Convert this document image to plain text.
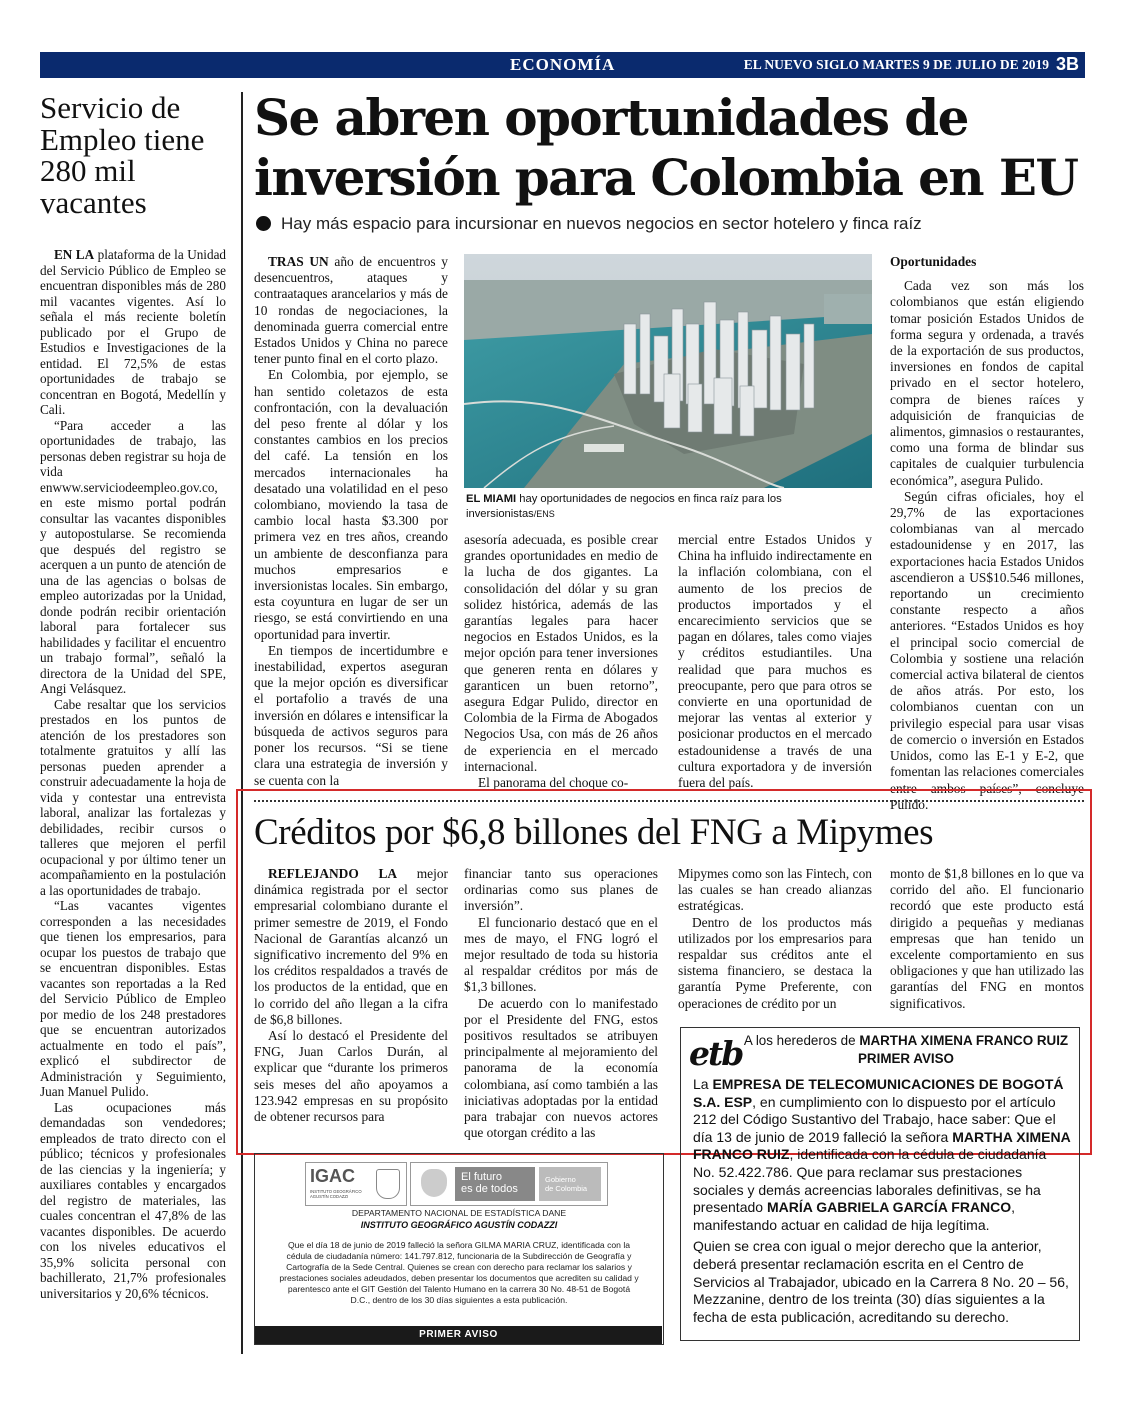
ECONOMÍA	EL NUEVO SIGLO MARTES 9 DE JULIO DE 2019 3B
Servicio de Empleo tiene 280 mil vacantes

EN LA plataforma de la Unidad del Servicio Público de Empleo se encuentran disponibles más de 280 mil vacantes vigentes. Así lo señala el más reciente boletín publicado por el Grupo de Estudios e Investigaciones de la entidad. El 72,5% de estas oportunidades de trabajo se concentran en Bogotá, Medellín y Cali.

“Para acceder a las oportunidades de trabajo, las personas deben registrar su hoja de vida enwww.serviciodeempleo.gov.co, en este mismo portal podrán consultar las vacantes disponibles y autopostularse. Se recomienda que después del registro se acerquen a un punto de atención de una de las agencias o bolsas de empleo autorizadas por la Unidad, donde podrán recibir orientación laboral para fortalecer sus habilidades y facilitar el encuentro un trabajo formal”, señaló la directora de la Unidad del SPE, Angi Velásquez.

Cabe resaltar que los servicios prestados en los puntos de atención de los prestadores son totalmente gratuitos y allí las personas pueden aprender a construir adecuadamente la hoja de vida y contestar una entrevista laboral, analizar las fortalezas y debilidades, recibir cursos o talleres que mejoren el perfil ocupacional y por último tener un acompañamiento en la postulación a las oportunidades de trabajo.

“Las vacantes vigentes corresponden a las necesidades que tienen los empresarios, para ocupar los puestos de trabajo que se encuentran disponibles. Estas vacantes son reportadas a la Red del Servicio Público de Empleo por medio de los 248 prestadores que se encuentran autorizados actualmente en todo el país”, explicó el subdirector de Administración y Seguimiento, Juan Manuel Pulido.

Las ocupaciones más demandadas son vendedores; empleados de trato directo con el público; técnicos y profesionales de las ciencias y la ingeniería; y auxiliares contables y encargados del registro de materiales, las cuales concentran el 47,8% de las vacantes disponibles. De acuerdo con los niveles educativos el 35,9% solicita personal con bachillerato, 21,7% profesionales universitarios y 20,6% técnicos.

Se abren oportunidades de
inversión para Colombia en EU
Hay más espacio para incursionar en nuevos negocios en sector hotelero y finca raíz

TRAS UN año de encuentros y desencuentros, ataques y contraataques arancelarios y más de 10 rondas de negociaciones, la denominada guerra comercial entre Estados Unidos y China no parece tener punto final en el corto plazo.

En Colombia, por ejemplo, se han sentido coletazos de esta confrontación, con la devaluación del peso frente al dólar y los constantes cambios en los precios del café. La tensión en los mercados internacionales ha desatado una volatilidad en el peso colombiano, moviendo la tasa de cambio local hasta $3.300 por primera vez en tres años, creando un ambiente de desconfianza para muchos empresarios e inversionistas locales. Sin embargo, esta coyuntura en lugar de ser un riesgo, se está convirtiendo en una oportunidad para invertir.

En tiempos de incertidumbre e inestabilidad, expertos aseguran que la mejor opción es diversificar el portafolio a través de una inversión en dólares e intensificar la búsqueda de activos seguros para poner los recursos. “Si se tiene clara una estrategia de inversión y se cuenta con la

EL MIAMI hay oportunidades de negocios en finca raíz para los inversionistas/ENS

asesoría adecuada, es posible crear grandes oportunidades en medio de la lucha de dos gigantes. La consolidación del dólar y su gran solidez histórica, además de las garantías legales para hacer negocios en Estados Unidos, es la mejor opción para tener inversiones que generen renta en dólares y garanticen un buen retorno”, asegura Edgar Pulido, director en Colombia de la Firma de Abogados Negocios Usa, con más de 26 años de experiencia en el mercado internacional.

El panorama del choque co-

mercial entre Estados Unidos y China ha influido indirectamente en la inflación colombiana, con el aumento de los precios de productos importados y el encarecimiento servicios que se pagan en dólares, tales como viajes y créditos estudiantiles. Una realidad que para muchos es preocupante, pero que para otros se convierte en una oportunidad de mejorar las ventas al exterior y posicionar productos en el mercado estadounidense a través de una cultura exportadora y de inversión fuera del país.

Oportunidades

Cada vez son más los colombianos que están eligiendo tomar posición Estados Unidos de forma segura y ordenada, a través de la exportación de sus productos, inversiones en fondos de capital privado en el sector hotelero, compra de bienes raíces y adquisición de franquicias de alimentos, gimnasios o restaurantes, como una forma de blindar sus capitales de cualquier turbulencia económica”, asegura Pulido.

Según cifras oficiales, hoy el 29,7% de las exportaciones colombianas van al mercado estadounidense y en 2017, las exportaciones hacia Estados Unidos ascendieron a US$10.546 millones, reportando un crecimiento constante respecto a años anteriores. “Estados Unidos es hoy el principal socio comercial de Colombia y sostiene una relación comercial activa bilateral de cientos de años atrás. Por esto, los colombianos cuentan con un privilegio especial para usar visas de comercio o inversión en Estados Unidos, como las E-1 y E-2, que fomentan las relaciones comerciales entre ambos países”, concluye Pulido.

Créditos por $6,8 billones del FNG a Mipymes

REFLEJANDO LA mejor dinámica registrada por el sector empresarial colombiano durante el primer semestre de 2019, el Fondo Nacional de Garantías alcanzó un significativo incremento del 9% en los créditos respaldados a través de los productos de la entidad, que en lo corrido del año llegan a la cifra de $6,8 billones.

Así lo destacó el Presidente del FNG, Juan Carlos Durán, al explicar que “durante los primeros seis meses del año apoyamos a 123.942 empresas en su propósito de obtener recursos para

financiar tanto sus operaciones ordinarias como sus planes de inversión”.

El funcionario destacó que en el mes de mayo, el FNG logró el mejor resultado de toda su historia al respaldar créditos por más de $1,3 billones.

De acuerdo con lo manifestado por el Presidente del FNG, estos positivos resultados se atribuyen principalmente al mejoramiento del panorama de la economía colombiana, así como también a las iniciativas adoptadas por la entidad para trabajar con nuevos actores que otorgan crédito a las

Mipymes como son las Fintech, con las cuales se han creado alianzas estratégicas.

Dentro de los productos más utilizados por los empresarios para respaldar sus créditos ante el sistema financiero, se destaca la garantía Pyme Preferente, con operaciones de crédito por un

monto de $1,8 billones en lo que va corrido del año. El funcionario recordó que este producto está dirigido a pequeñas y medianas empresas que han tenido un excelente comportamiento en sus obligaciones y que han utilizado las garantías del FNG en montos significativos.

IGAC
INSTITUTO GEOGRÁFICO AGUSTÍN CODAZZI
El futuro
es de todos
Gobierno
de Colombia
DEPARTAMENTO NACIONAL DE ESTADÍSTICA DANE
INSTITUTO GEOGRÁFICO AGUSTÍN CODAZZI
Que el día 18 de junio de 2019 falleció la señora GILMA MARIA CRUZ, identificada con la cédula de ciudadanía número: 141.797.812, funcionaria de la Subdirección de Geografía y Cartografía de la Sede Central. Quienes se crean con derecho para reclamar los salarios y prestaciones sociales adeudados, deben presentar los documentos que acrediten su calidad y parentesco ante el GIT Gestión del Talento Humano en la carrera 30 No. 48-51 de Bogotá D.C., dentro de los 30 días siguientes a esta publicación.
PRIMER AVISO
etb A los herederos de MARTHA XIMENA FRANCO RUIZ
PRIMER AVISO

La EMPRESA DE TELECOMUNICACIONES DE BOGOTÁ S.A. ESP, en cumplimiento con lo dispuesto por el artículo 212 del Código Sustantivo del Trabajo, hace saber: Que el día 13 de junio de 2019 falleció la señora MARTHA XIMENA FRANCO RUIZ, identificada con la cédula de ciudadanía No. 52.422.786. Que para reclamar sus prestaciones sociales y demás acreencias laborales definitivas, se ha presentado MARÍA GABRIELA GARCÍA FRANCO, manifestando actuar en calidad de hija legítima.

Quien se crea con igual o mejor derecho que la anterior, deberá presentar reclamación escrita en el Centro de Servicios al Trabajador, ubicado en la Carrera 8 No. 20 – 56, Mezzanine, dentro de los treinta (30) días siguientes a la fecha de esta publicación, acreditando su derecho.
